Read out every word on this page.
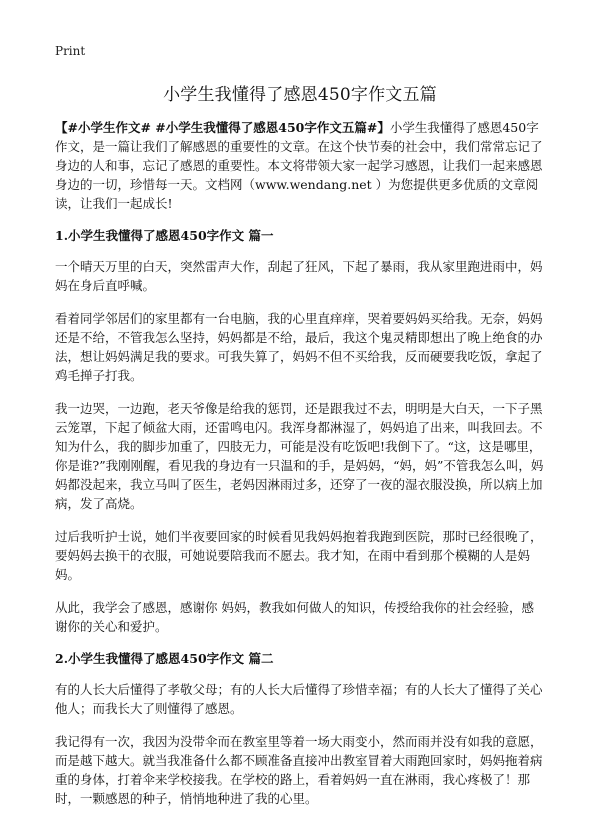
Print
小学生我懂得了感恩450字作文五篇

【#小学生作文# #小学生我懂得了感恩450字作文五篇#】小学生我懂得了感恩450字作文，是一篇让我们了解感恩的重要性的文章。在这个快节奏的社会中，我们常常忘记了身边的人和事，忘记了感恩的重要性。本文将带领大家一起学习感恩，让我们一起来感恩身边的一切，珍惜每一天。文档网（www.wendang.net ）为您提供更多优质的文章阅读，让我们一起成长!

1.小学生我懂得了感恩450字作文 篇一

一个晴天万里的白天，突然雷声大作，刮起了狂风，下起了暴雨，我从家里跑进雨中，妈妈在身后直呼喊。

看着同学邻居们的家里都有一台电脑，我的心里直痒痒，哭着要妈妈买给我。无奈，妈妈还是不给，不管我怎么坚持，妈妈都是不给，最后，我这个鬼灵精即想出了晚上绝食的办法，想让妈妈满足我的要求。可我失算了，妈妈不但不买给我，反而硬要我吃饭，拿起了鸡毛掸子打我。

我一边哭，一边跑，老天爷像是给我的惩罚，还是跟我过不去，明明是大白天，一下子黑云笼罩，下起了倾盆大雨，还雷鸣电闪。我浑身都淋湿了，妈妈追了出来，叫我回去。不知为什么，我的脚步加重了，四肢无力，可能是没有吃饭吧!我倒下了。“这，这是哪里，你是谁?”我刚刚醒，看见我的身边有一只温和的手，是妈妈，“妈，妈”不管我怎么叫，妈妈都没起来，我立马叫了医生，老妈因淋雨过多，还穿了一夜的湿衣服没换，所以病上加病，发了高烧。

过后我听护士说，她们半夜要回家的时候看见我妈妈抱着我跑到医院，那时已经很晚了，要妈妈去换干的衣服，可她说要陪我而不愿去。我才知，在雨中看到那个模糊的人是妈妈。

从此，我学会了感恩，感谢你 妈妈，教我如何做人的知识，传授给我你的社会经验，感谢你的关心和爱护。

2.小学生我懂得了感恩450字作文 篇二

有的人长大后懂得了孝敬父母；有的人长大后懂得了珍惜幸福；有的人长大了懂得了关心他人；而我长大了则懂得了感恩。

我记得有一次，我因为没带伞而在教室里等着一场大雨变小，然而雨并没有如我的意愿，而是越下越大。就当我准备什么都不顾准备直接冲出教室冒着大雨跑回家时，妈妈拖着病重的身体，打着伞来学校接我。在学校的路上，看着妈妈一直在淋雨，我心疼极了！那时，一颗感恩的种子，悄悄地种进了我的心里。
